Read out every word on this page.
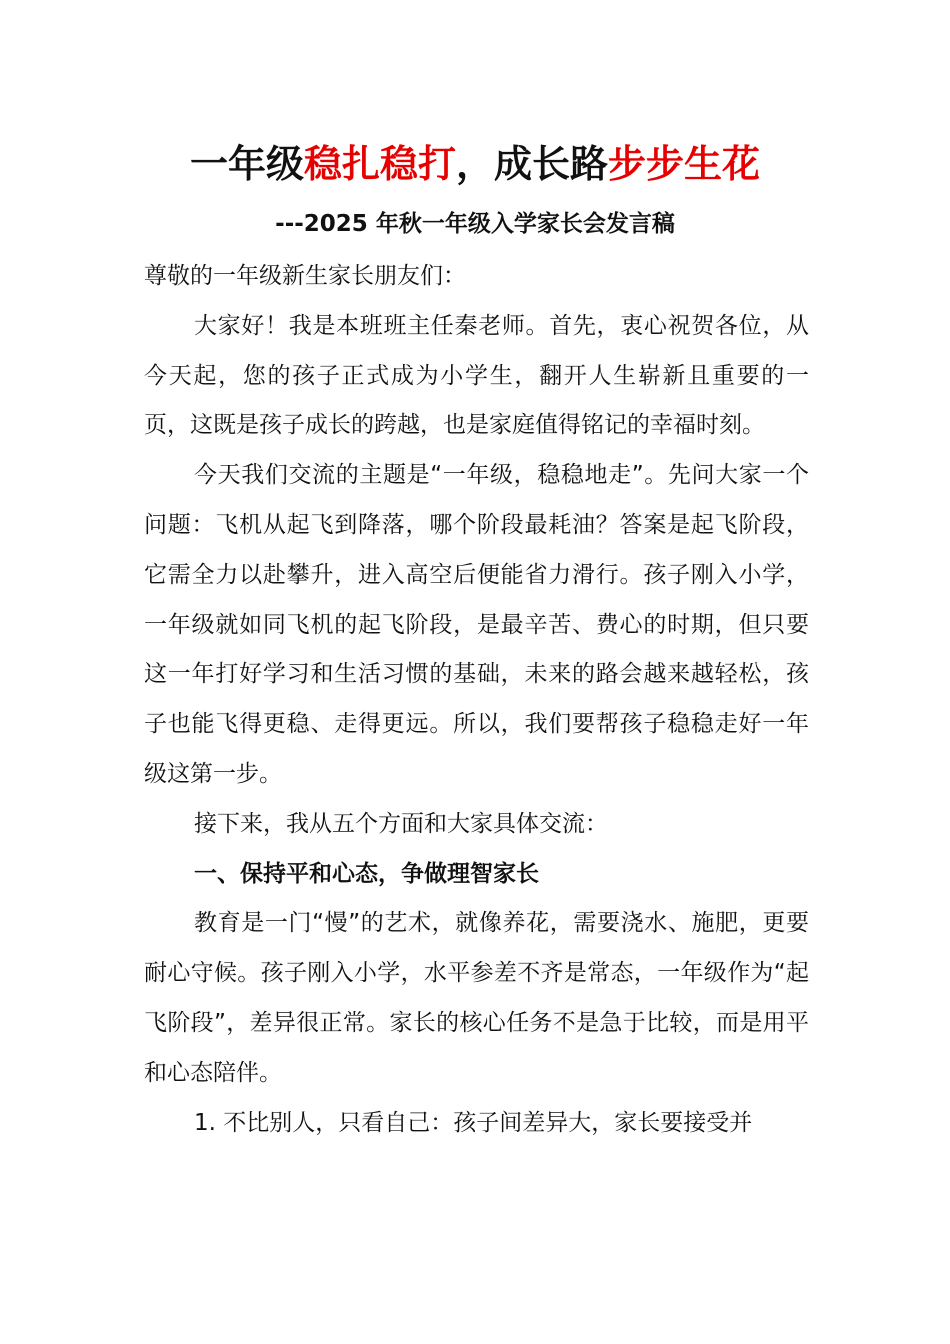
一年级稳扎稳打，成长路步步生花
---2025 年秋一年级入学家长会发言稿

尊敬的一年级新生家长朋友们：

大家好！我是本班班主任秦老师。首先，衷心祝贺各位，从今天起，您的孩子正式成为小学生，翻开人生崭新且重要的一页，这既是孩子成长的跨越，也是家庭值得铭记的幸福时刻。

今天我们交流的主题是“一年级，稳稳地走”。先问大家一个问题：飞机从起飞到降落，哪个阶段最耗油？答案是起飞阶段，它需全力以赴攀升，进入高空后便能省力滑行。孩子刚入小学，一年级就如同飞机的起飞阶段，是最辛苦、费心的时期，但只要这一年打好学习和生活习惯的基础，未来的路会越来越轻松，孩子也能飞得更稳、走得更远。所以，我们要帮孩子稳稳走好一年级这第一步。

接下来，我从五个方面和大家具体交流：

一、保持平和心态，争做理智家长

教育是一门“慢”的艺术，就像养花，需要浇水、施肥，更要耐心守候。孩子刚入小学，水平参差不齐是常态，一年级作为“起飞阶段”，差异很正常。家长的核心任务不是急于比较，而是用平和心态陪伴。

1. 不比别人，只看自己：孩子间差异大，家长要接受并
